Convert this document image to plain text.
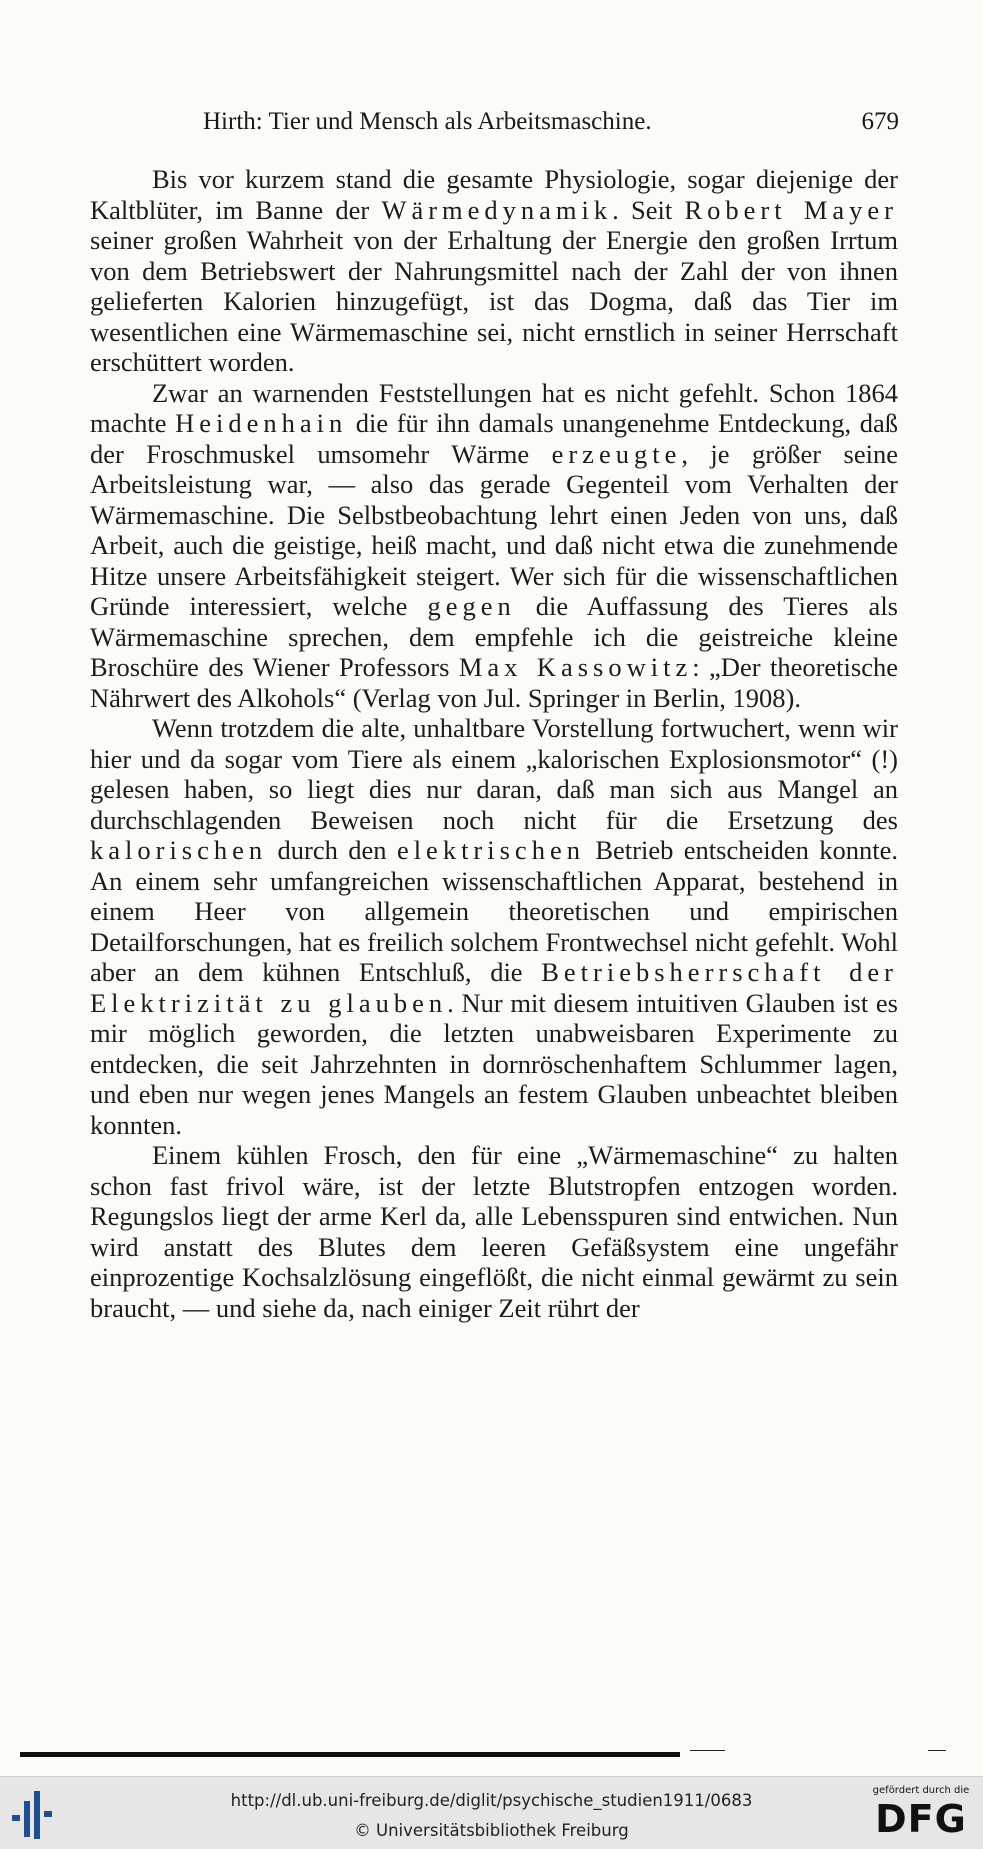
Hirth: Tier und Mensch als Arbeitsmaschine.	679

Bis vor kurzem stand die gesamte Physiologie, sogar diejenige der Kaltblüter, im Banne der Wärmedynamik. Seit Robert Mayer seiner großen Wahrheit von der Erhaltung der Energie den großen Irrtum von dem Betriebswert der Nahrungsmittel nach der Zahl der von ihnen gelieferten Kalorien hinzugefügt, ist das Dogma, daß das Tier im wesentlichen eine Wärmemaschine sei, nicht ernstlich in seiner Herrschaft erschüttert worden.

Zwar an warnenden Feststellungen hat es nicht gefehlt. Schon 1864 machte Heidenhain die für ihn damals unangenehme Entdeckung, daß der Froschmuskel umsomehr Wärme erzeugte, je größer seine Arbeitsleistung war, — also das gerade Gegenteil vom Verhalten der Wärmemaschine. Die Selbstbeobachtung lehrt einen Jeden von uns, daß Arbeit, auch die geistige, heiß macht, und daß nicht etwa die zunehmende Hitze unsere Arbeitsfähigkeit steigert. Wer sich für die wissenschaftlichen Gründe interessiert, welche gegen die Auffassung des Tieres als Wärmemaschine sprechen, dem empfehle ich die geistreiche kleine Broschüre des Wiener Professors Max Kassowitz: „Der theoretische Nährwert des Alkohols“ (Verlag von Jul. Springer in Berlin, 1908).

Wenn trotzdem die alte, unhaltbare Vorstellung fortwuchert, wenn wir hier und da sogar vom Tiere als einem „kalorischen Explosionsmotor“ (!) gelesen haben, so liegt dies nur daran, daß man sich aus Mangel an durchschlagenden Beweisen noch nicht für die Ersetzung des kalorischen durch den elektrischen Betrieb entscheiden konnte. An einem sehr umfangreichen wissenschaftlichen Apparat, bestehend in einem Heer von allgemein theoretischen und empirischen Detailforschungen, hat es freilich solchem Frontwechsel nicht gefehlt. Wohl aber an dem kühnen Entschluß, die Betriebsherrschaft der Elektrizität zu glauben. Nur mit diesem intuitiven Glauben ist es mir möglich geworden, die letzten unabweisbaren Experimente zu entdecken, die seit Jahrzehnten in dornröschenhaftem Schlummer lagen, und eben nur wegen jenes Mangels an festem Glauben unbeachtet bleiben konnten.

Einem kühlen Frosch, den für eine „Wärmemaschine“ zu halten schon fast frivol wäre, ist der letzte Blutstropfen entzogen worden. Regungslos liegt der arme Kerl da, alle Lebensspuren sind entwichen. Nun wird anstatt des Blutes dem leeren Gefäßsystem eine ungefähr einprozentige Kochsalzlösung eingeflößt, die nicht einmal gewärmt zu sein braucht, — und siehe da, nach einiger Zeit rührt der

http://dl.ub.uni-freiburg.de/diglit/psychische_studien1911/0683
© Universitätsbibliothek Freiburg
gefördert durch die
DFG
